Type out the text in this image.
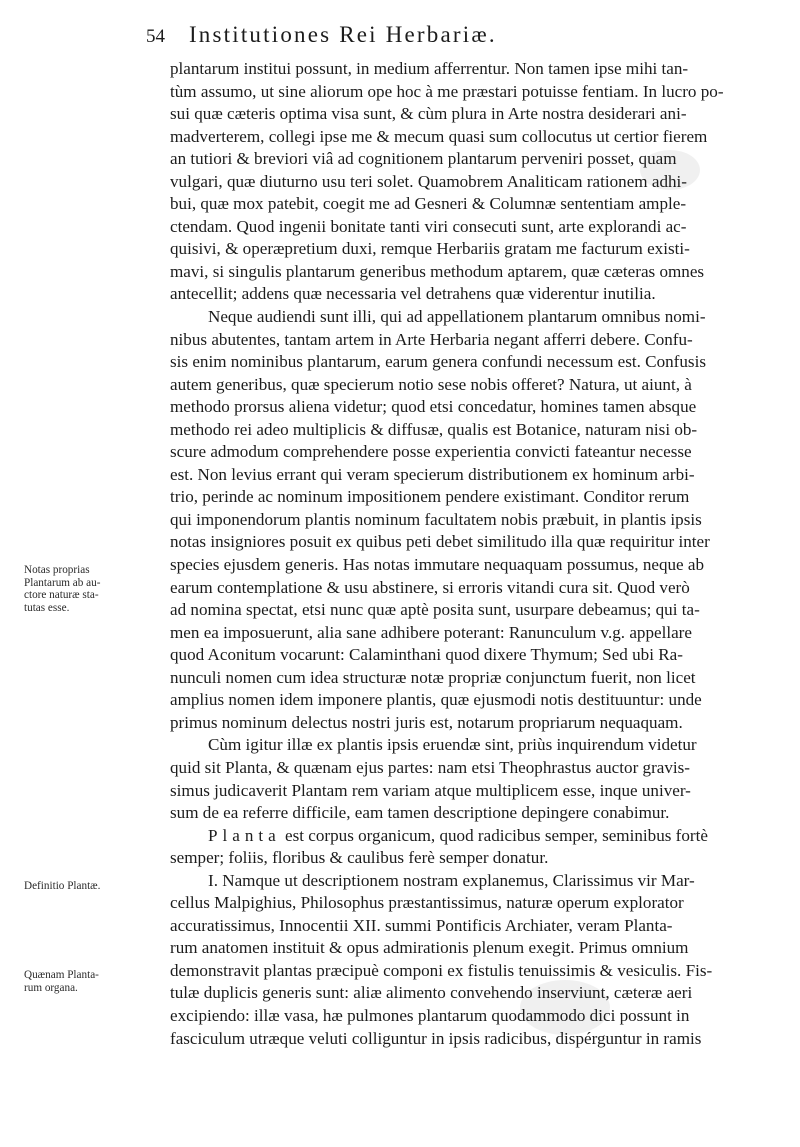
54 Institutiones Rei Herbariæ.
plantarum institui possunt, in medium afferrentur. Non tamen ipse mihi tan-
tùm assumo, ut sine aliorum ope hoc à me præstari potuisse fentiam. In lucro po-
sui quæ cæteris optima visa sunt, & cùm plura in Arte nostra desiderari ani-
madverterem, collegi ipse me & mecum quasi sum collocutus ut certior fierem
an tutiori & breviori viâ ad cognitionem plantarum perveniri posset, quam
vulgari, quæ diuturno usu teri solet. Quamobrem Analiticam rationem adhi-
bui, quæ mox patebit, coegit me ad Gesneri & Columnæ sententiam ample-
ctendam. Quod ingenii bonitate tanti viri consecuti sunt, arte explorandi ac-
quisivi, & operæpretium duxi, remque Herbariis gratam me facturum existi-
mavi, si singulis plantarum generibus methodum aptarem, quæ cæteras omnes
antecellit; addens quæ necessaria vel detrahens quæ viderentur inutilia.
Neque audiendi sunt illi, qui ad appellationem plantarum omnibus nomi-
nibus abutentes, tantam artem in Arte Herbaria negant afferri debere. Confu-
sis enim nominibus plantarum, earum genera confundi necessum est. Confusis
autem generibus, quæ specierum notio sese nobis offeret? Natura, ut aiunt, à
methodo prorsus aliena videtur; quod etsi concedatur, homines tamen absque
methodo rei adeo multiplicis & diffusæ, qualis est Botanice, naturam nisi ob-
scure admodum comprehendere posse experientia convicti fateantur necesse
est. Non levius errant qui veram specierum distributionem ex hominum arbi-
trio, perinde ac nominum impositionem pendere existimant. Conditor rerum
qui imponendorum plantis nominum facultatem nobis præbuit, in plantis ipsis
notas insigniores posuit ex quibus peti debet similitudo illa quæ requiritur inter
species ejusdem generis. Has notas immutare nequaquam possumus, neque ab
earum contemplatione & usu abstinere, si erroris vitandi cura sit. Quod verò
ad nomina spectat, etsi nunc quæ aptè posita sunt, usurpare debeamus; qui ta-
men ea imposuerunt, alia sane adhibere poterant: Ranunculum v.g. appellare
quod Aconitum vocarunt: Calaminthani quod dixere Thymum; Sed ubi Ra-
nunculi nomen cum idea structuræ notæ propriæ conjunctum fuerit, non licet
amplius nomen idem imponere plantis, quæ ejusmodi notis destituuntur: unde
primus nominum delectus nostri juris est, notarum propriarum nequaquam.
Cùm igitur illæ ex plantis ipsis eruendæ sint, priùs inquirendum videtur
quid sit Planta, & quænam ejus partes: nam etsi Theophrastus auctor gravis-
simus judicaverit Plantam rem variam atque multiplicem esse, inque univer-
sum de ea referre difficile, eam tamen descriptione depingere conabimur.
Planta est corpus organicum, quod radicibus semper, seminibus fortè
semper; foliis, floribus & caulibus ferè semper donatur.
I. Namque ut descriptionem nostram explanemus, Clarissimus vir Mar-
cellus Malpighius, Philosophus præstantissimus, naturæ operum explorator
accuratissimus, Innocentii XII. summi Pontificis Archiater, veram Planta-
rum anatomen instituit & opus admirationis plenum exegit. Primus omnium
demonstravit plantas præcipuè componi ex fistulis tenuissimis & vesiculis. Fis-
tulæ duplicis generis sunt: aliæ alimento convehendo inserviunt, cæteræ aeri
excipiendo: illæ vasa, hæ pulmones plantarum quodammodo dici possunt in
fasciculum utræque veluti colliguntur in ipsis radicibus, dispérguntur in ramis
Notas proprias
Plantarum ab au-
ctore naturæ sta-
tutas esse.
Definitio Plantæ.
Quænam Planta-
rum organa.
